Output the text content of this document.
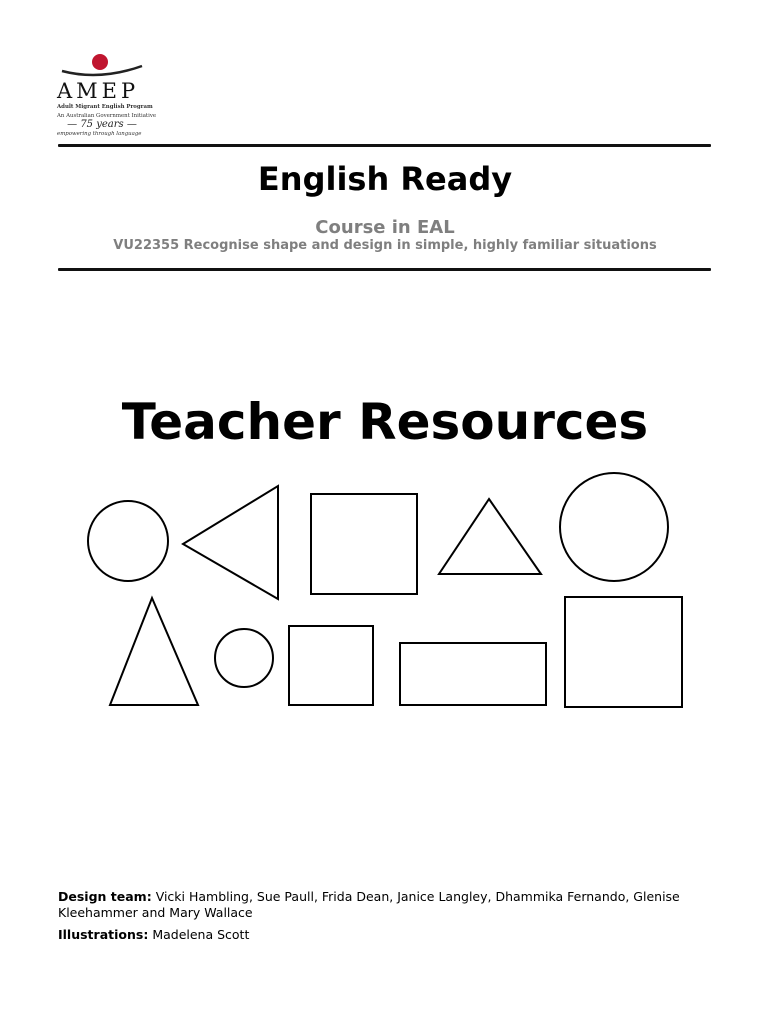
AMEP
Adult Migrant English Program
An Australian Government Initiative
— 75 years —
empowering through language
English Ready
Course in EAL
VU22355 Recognise shape and design in simple, highly familiar situations
Teacher Resources
Design team: Vicki Hambling, Sue Paull, Frida Dean, Janice Langley, Dhammika Fernando, Glenise Kleehammer and Mary Wallace
Illustrations: Madelena Scott
